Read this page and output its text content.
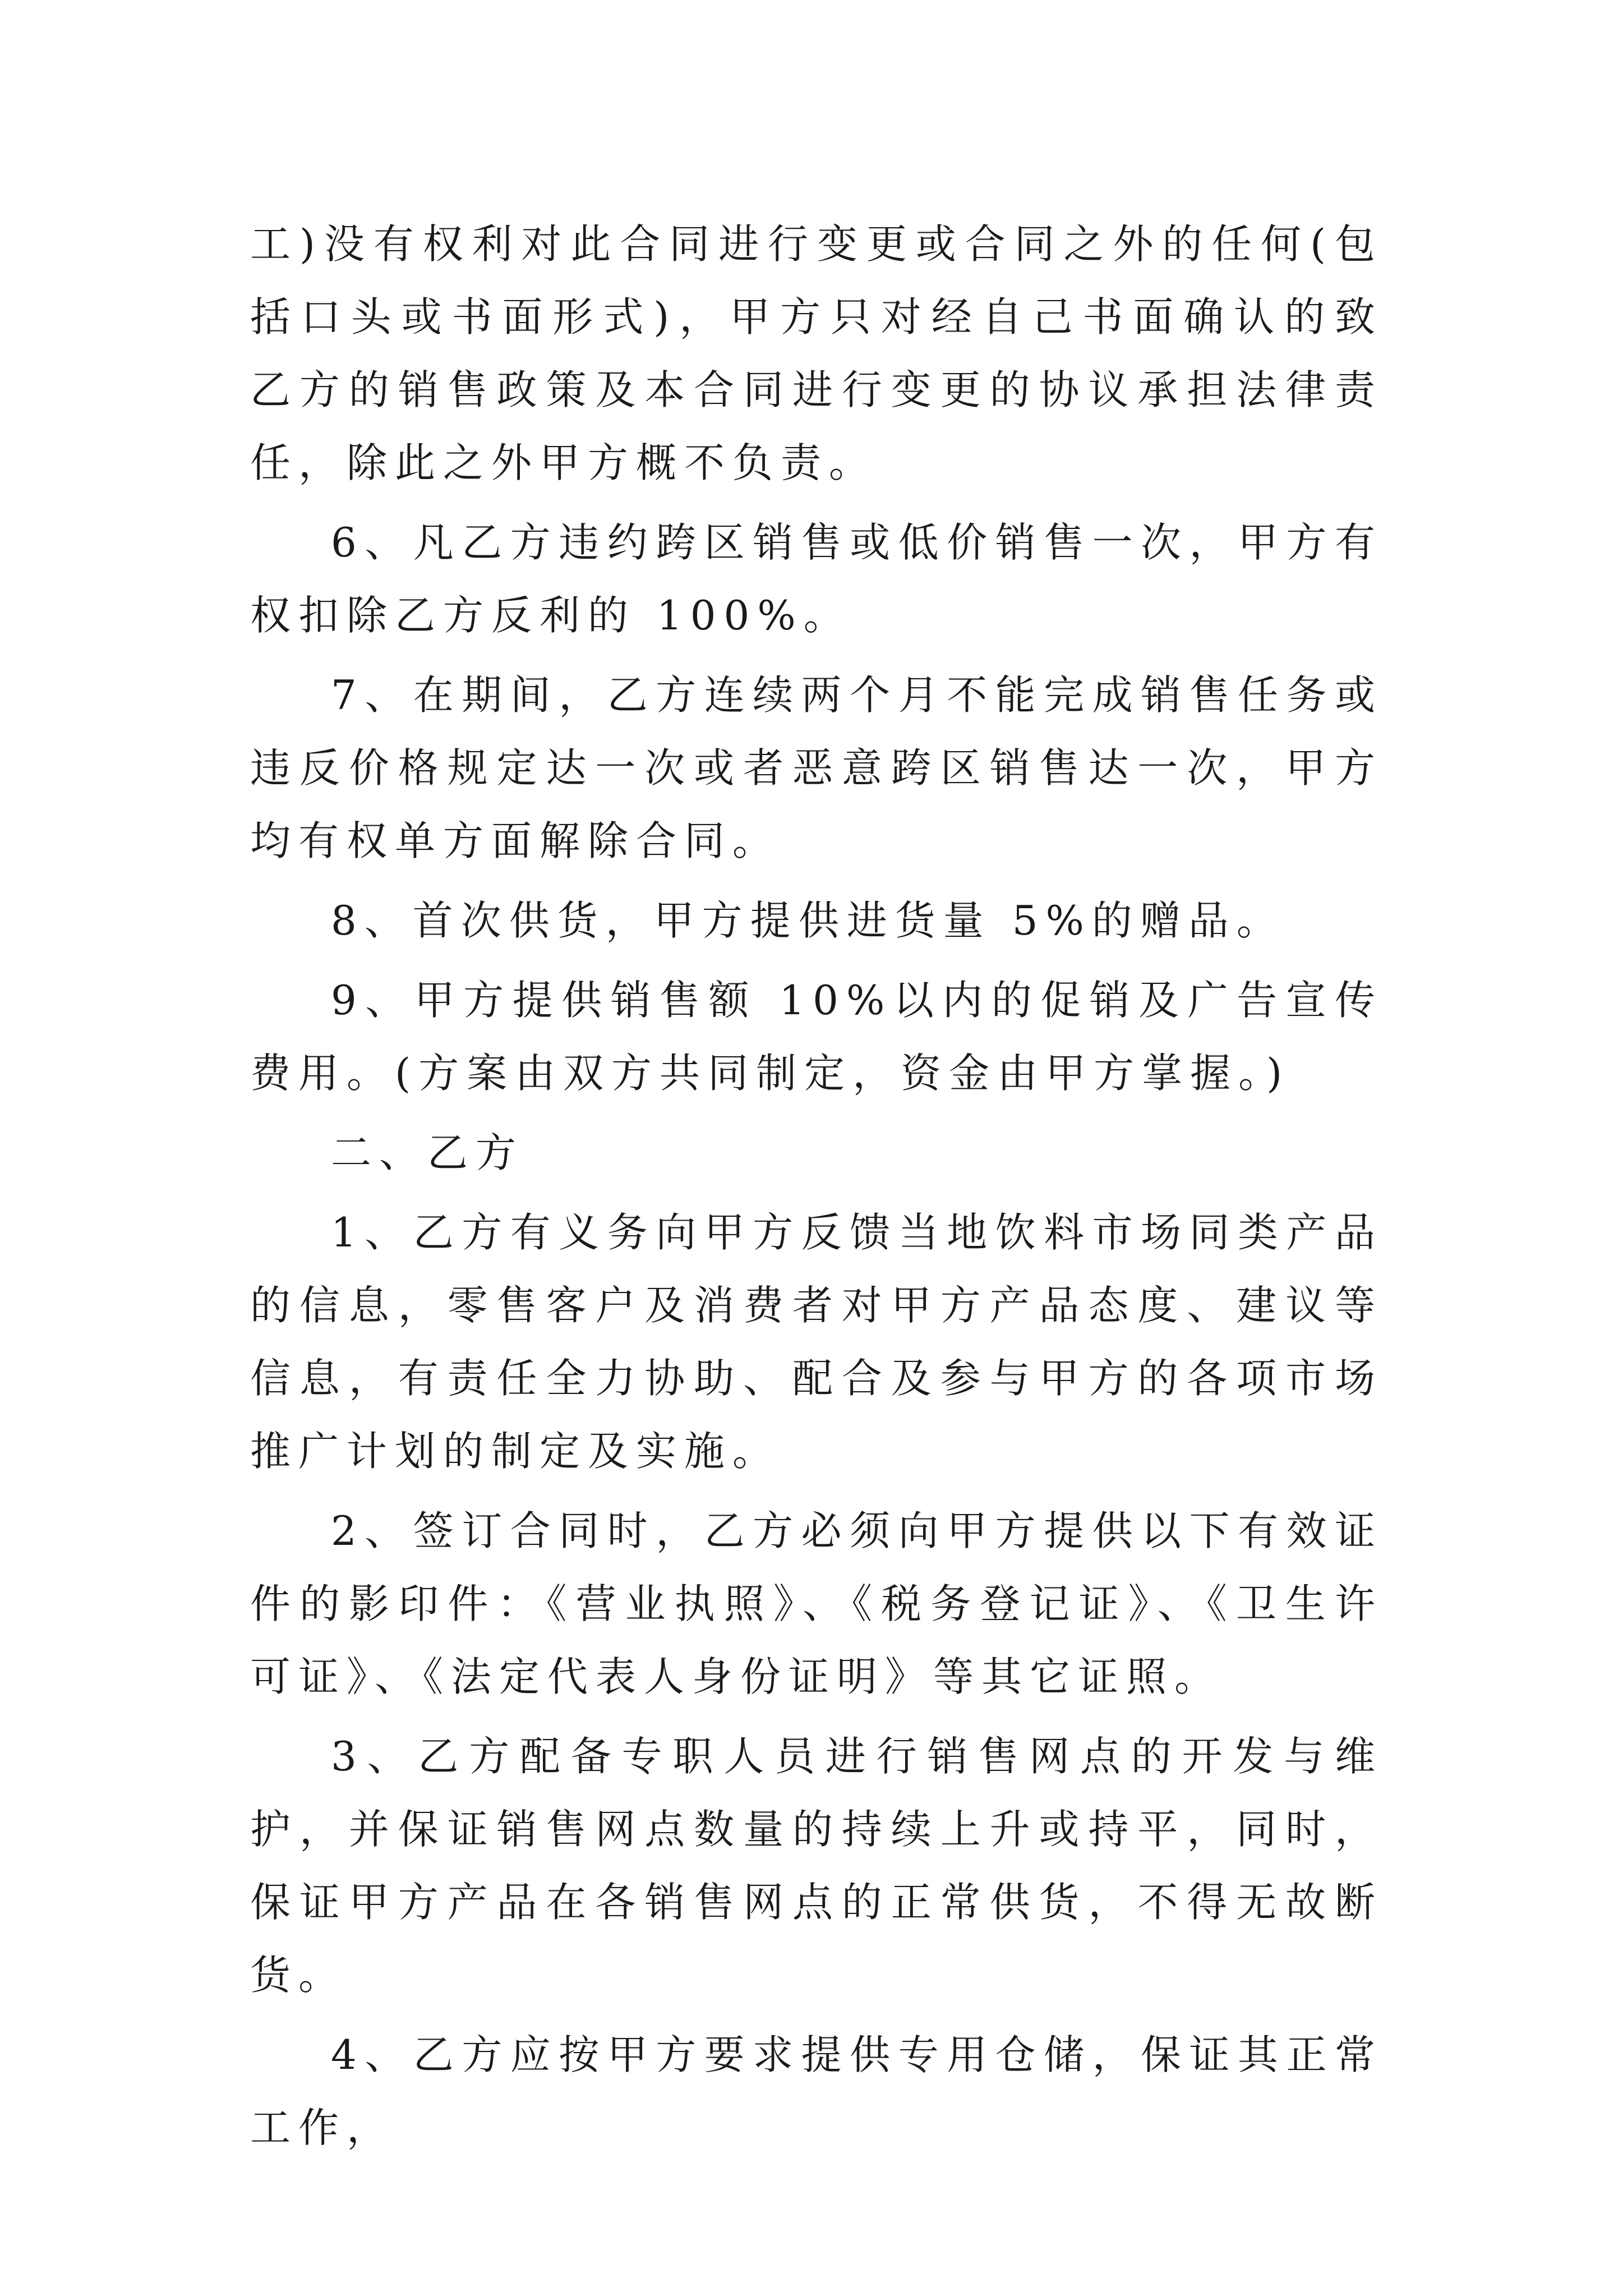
工)没有权利对此合同进行变更或合同之外的任何(包括口头或书面形式)，甲方只对经自己书面确认的致乙方的销售政策及本合同进行变更的协议承担法律责任，除此之外甲方概不负责。

6、凡乙方违约跨区销售或低价销售一次，甲方有权扣除乙方反利的 100%。

7、在期间，乙方连续两个月不能完成销售任务或违反价格规定达一次或者恶意跨区销售达一次，甲方均有权单方面解除合同。

8、首次供货，甲方提供进货量 5%的赠品。

9、甲方提供销售额 10%以内的促销及广告宣传费用。(方案由双方共同制定，资金由甲方掌握。)

二、乙方

1、乙方有义务向甲方反馈当地饮料市场同类产品的信息，零售客户及消费者对甲方产品态度、建议等信息，有责任全力协助、配合及参与甲方的各项市场推广计划的制定及实施。

2、签订合同时，乙方必须向甲方提供以下有效证件的影印件：《营业执照》、《税务登记证》、《卫生许可证》、《法定代表人身份证明》等其它证照。

3、乙方配备专职人员进行销售网点的开发与维护，并保证销售网点数量的持续上升或持平，同时，保证甲方产品在各销售网点的正常供货，不得无故断货。

4、乙方应按甲方要求提供专用仓储，保证其正常工作，
